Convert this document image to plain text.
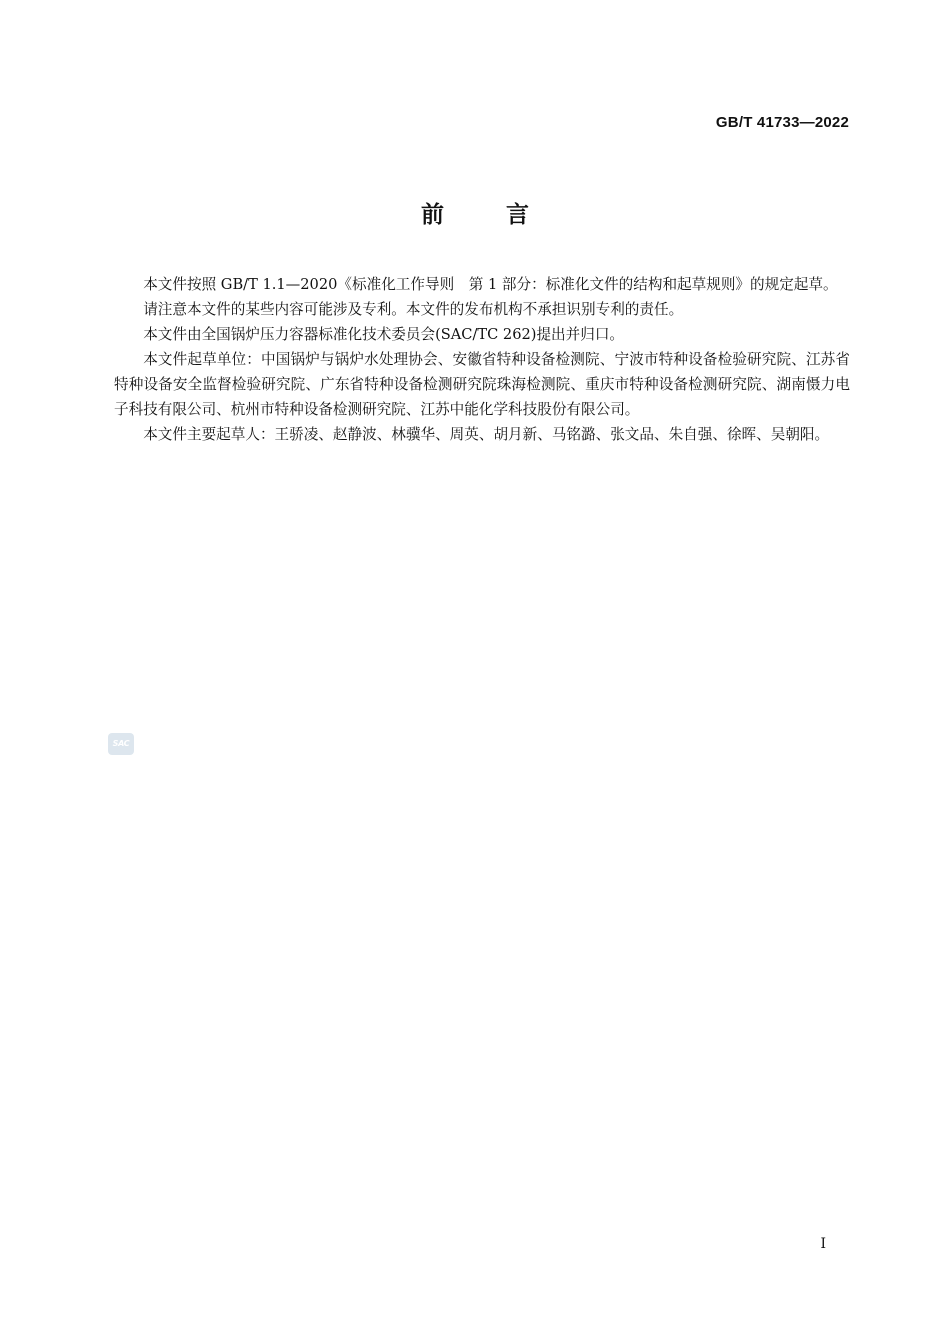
GB/T 41733—2022
前言

本文件按照 GB/T 1.1—2020《标准化工作导则　第 1 部分：标准化文件的结构和起草规则》的规定起草。

请注意本文件的某些内容可能涉及专利。本文件的发布机构不承担识别专利的责任。

本文件由全国锅炉压力容器标准化技术委员会(SAC/TC 262)提出并归口。

本文件起草单位：中国锅炉与锅炉水处理协会、安徽省特种设备检测院、宁波市特种设备检验研究院、江苏省特种设备安全监督检验研究院、广东省特种设备检测研究院珠海检测院、重庆市特种设备检测研究院、湖南慑力电子科技有限公司、杭州市特种设备检测研究院、江苏中能化学科技股份有限公司。

本文件主要起草人：王骄凌、赵静波、林骥华、周英、胡月新、马铭潞、张文品、朱自强、徐晖、吴朝阳。

SAC
I
